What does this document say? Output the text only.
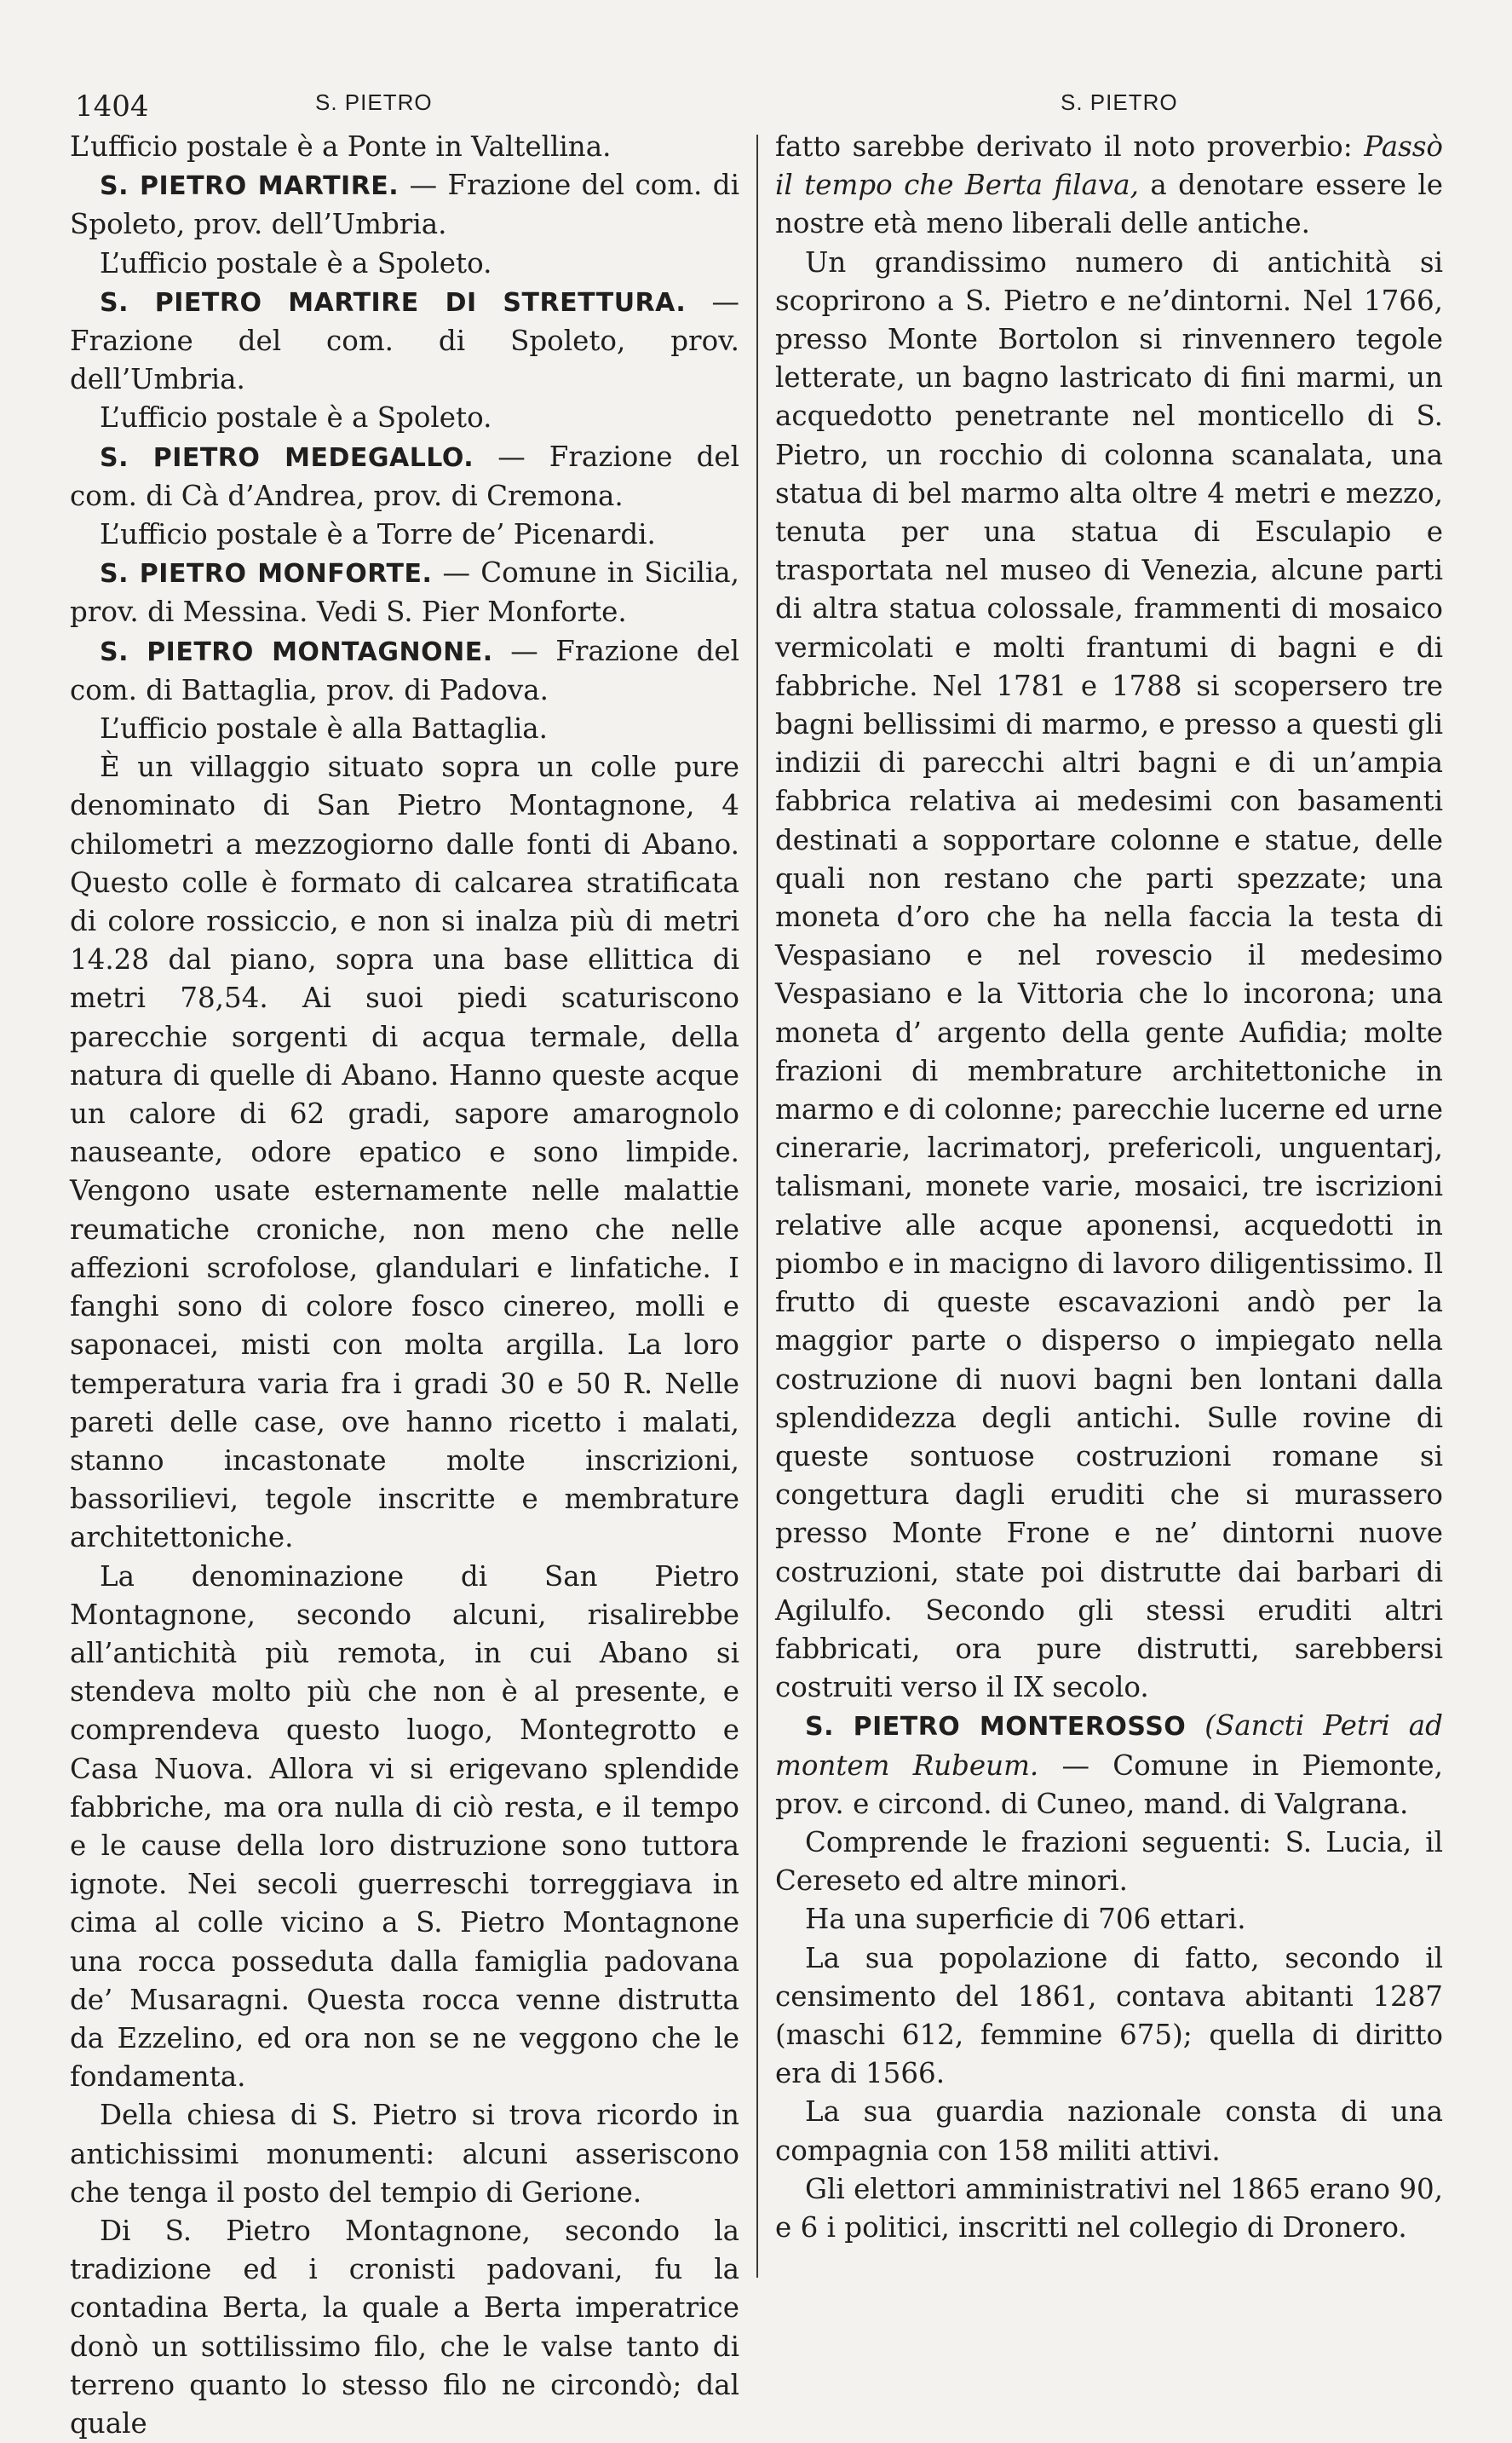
1404	S. PIETRO	S. PIETRO

L’ufficio postale è a Ponte in Valtellina.

S. PIETRO MARTIRE. — Frazione del com. di Spoleto, prov. dell’Umbria.

L’ufficio postale è a Spoleto.

S. PIETRO MARTIRE DI STRETTURA. — Frazione del com. di Spoleto, prov. dell’Umbria.

L’ufficio postale è a Spoleto.

S. PIETRO MEDEGALLO. — Frazione del com. di Cà d’Andrea, prov. di Cremona.

L’ufficio postale è a Torre de’ Picenardi.

S. PIETRO MONFORTE. — Comune in Sicilia, prov. di Messina. Vedi S. Pier Monforte.

S. PIETRO MONTAGNONE. — Frazione del com. di Battaglia, prov. di Padova.

L’ufficio postale è alla Battaglia.

È un villaggio situato sopra un colle pure denominato di San Pietro Montagnone, 4 chilometri a mezzogiorno dalle fonti di Abano. Questo colle è formato di calcarea stratificata di colore rossiccio, e non si inalza più di metri 14.28 dal piano, sopra una base ellittica di metri 78,54. Ai suoi piedi scaturiscono parecchie sorgenti di acqua termale, della natura di quelle di Abano. Hanno queste acque un calore di 62 gradi, sapore amarognolo nauseante, odore epatico e sono limpide. Vengono usate esternamente nelle malattie reumatiche croniche, non meno che nelle affezioni scrofolose, glandulari e linfatiche. I fanghi sono di colore fosco cinereo, molli e saponacei, misti con molta argilla. La loro temperatura varia fra i gradi 30 e 50 R. Nelle pareti delle case, ove hanno ricetto i malati, stanno incastonate molte inscrizioni, bassorilievi, tegole inscritte e membrature architettoniche.

La denominazione di San Pietro Montagnone, secondo alcuni, risalirebbe all’antichità più remota, in cui Abano si stendeva molto più che non è al presente, e comprendeva questo luogo, Montegrotto e Casa Nuova. Allora vi si erigevano splendide fabbriche, ma ora nulla di ciò resta, e il tempo e le cause della loro distruzione sono tuttora ignote. Nei secoli guerreschi torreggiava in cima al colle vicino a S. Pietro Montagnone una rocca posseduta dalla famiglia padovana de’ Musaragni. Questa rocca venne distrutta da Ezzelino, ed ora non se ne veggono che le fondamenta.

Della chiesa di S. Pietro si trova ricordo in antichissimi monumenti: alcuni asseriscono che tenga il posto del tempio di Gerione.

Di S. Pietro Montagnone, secondo la tradizione ed i cronisti padovani, fu la contadina Berta, la quale a Berta imperatrice donò un sottilissimo filo, che le valse tanto di terreno quanto lo stesso filo ne circondò; dal quale

fatto sarebbe derivato il noto proverbio: Passò il tempo che Berta filava, a denotare essere le nostre età meno liberali delle antiche.

Un grandissimo numero di antichità si scoprirono a S. Pietro e ne’dintorni. Nel 1766, presso Monte Bortolon si rinvennero tegole letterate, un bagno lastricato di fini marmi, un acquedotto penetrante nel monticello di S. Pietro, un rocchio di colonna scanalata, una statua di bel marmo alta oltre 4 metri e mezzo, tenuta per una statua di Esculapio e trasportata nel museo di Venezia, alcune parti di altra statua colossale, frammenti di mosaico vermicolati e molti frantumi di bagni e di fabbriche. Nel 1781 e 1788 si scopersero tre bagni bellissimi di marmo, e presso a questi gli indizii di parecchi altri bagni e di un’ampia fabbrica relativa ai medesimi con basamenti destinati a sopportare colonne e statue, delle quali non restano che parti spezzate; una moneta d’oro che ha nella faccia la testa di Vespasiano e nel rovescio il medesimo Vespasiano e la Vittoria che lo incorona; una moneta d’ argento della gente Aufidia; molte frazioni di membrature architettoniche in marmo e di colonne; parecchie lucerne ed urne cinerarie, lacrimatorj, prefericoli, unguentarj, talismani, monete varie, mosaici, tre iscrizioni relative alle acque aponensi, acquedotti in piombo e in macigno di lavoro diligentissimo. Il frutto di queste escavazioni andò per la maggior parte o disperso o impiegato nella costruzione di nuovi bagni ben lontani dalla splendidezza degli antichi. Sulle rovine di queste sontuose costruzioni romane si congettura dagli eruditi che si murassero presso Monte Frone e ne’ dintorni nuove costruzioni, state poi distrutte dai barbari di Agilulfo. Secondo gli stessi eruditi altri fabbricati, ora pure distrutti, sarebbersi costruiti verso il IX secolo.

S. PIETRO MONTEROSSO (Sancti Petri ad montem Rubeum. — Comune in Piemonte, prov. e circond. di Cuneo, mand. di Valgrana.

Comprende le frazioni seguenti: S. Lucia, il Cereseto ed altre minori.

Ha una superficie di 706 ettari.

La sua popolazione di fatto, secondo il censimento del 1861, contava abitanti 1287 (maschi 612, femmine 675); quella di diritto era di 1566.

La sua guardia nazionale consta di una compagnia con 158 militi attivi.

Gli elettori amministrativi nel 1865 erano 90, e 6 i politici, inscritti nel collegio di Dronero.
